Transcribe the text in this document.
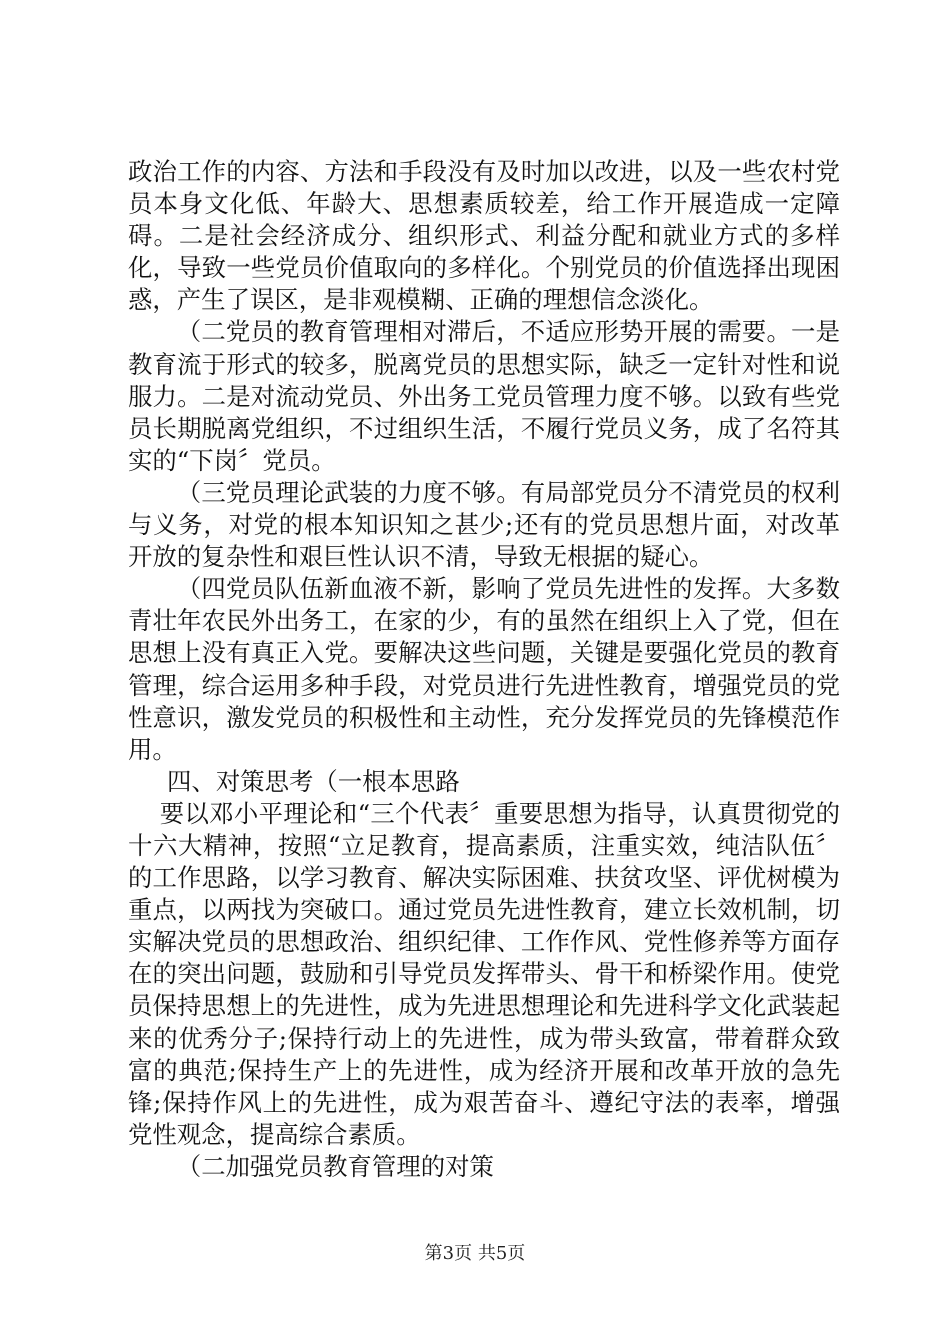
政治工作的内容、方法和手段没有及时加以改进，以及一些农村党员本身文化低、年龄大、思想素质较差，给工作开展造成一定障碍。二是社会经济成分、组织形式、利益分配和就业方式的多样化，导致一些党员价值取向的多样化。个别党员的价值选择出现困惑，产生了误区，是非观模糊、正确的理想信念淡化。

（二党员的教育管理相对滞后，不适应形势开展的需要。一是教育流于形式的较多，脱离党员的思想实际，缺乏一定针对性和说服力。二是对流动党员、外出务工党员管理力度不够。以致有些党员长期脱离党组织，不过组织生活，不履行党员义务，成了名符其实的“下岗〞党员。

（三党员理论武装的力度不够。有局部党员分不清党员的权利与义务，对党的根本知识知之甚少;还有的党员思想片面，对改革开放的复杂性和艰巨性认识不清，导致无根据的疑心。

（四党员队伍新血液不新，影响了党员先进性的发挥。大多数青壮年农民外出务工，在家的少，有的虽然在组织上入了党，但在思想上没有真正入党。要解决这些问题，关键是要强化党员的教育管理，综合运用多种手段，对党员进行先进性教育，增强党员的党性意识，激发党员的积极性和主动性，充分发挥党员的先锋模范作用。

四、对策思考（一根本思路

要以邓小平理论和“三个代表〞重要思想为指导，认真贯彻党的十六大精神，按照“立足教育，提高素质，注重实效，纯洁队伍〞的工作思路，以学习教育、解决实际困难、扶贫攻坚、评优树模为重点，以两找为突破口。通过党员先进性教育，建立长效机制，切实解决党员的思想政治、组织纪律、工作作风、党性修养等方面存在的突出问题，鼓励和引导党员发挥带头、骨干和桥梁作用。使党员保持思想上的先进性，成为先进思想理论和先进科学文化武装起来的优秀分子;保持行动上的先进性，成为带头致富，带着群众致富的典范;保持生产上的先进性，成为经济开展和改革开放的急先锋;保持作风上的先进性，成为艰苦奋斗、遵纪守法的表率，增强党性观念，提高综合素质。

（二加强党员教育管理的对策

第3页 共5页
